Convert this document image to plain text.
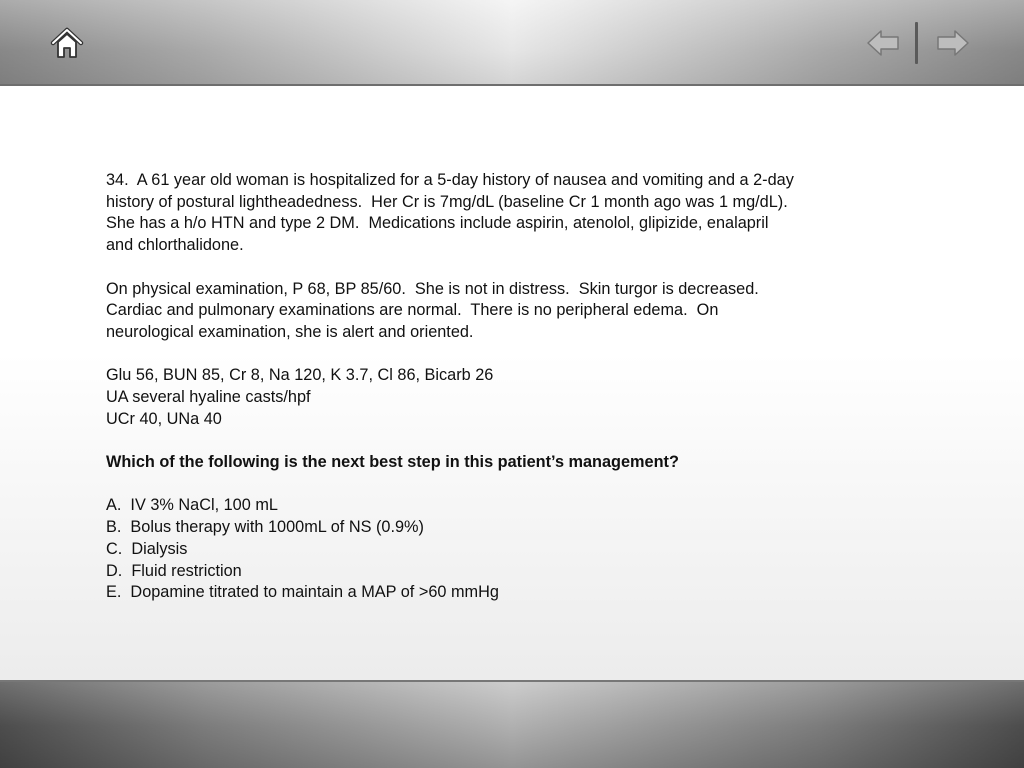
34.  A 61 year old woman is hospitalized for a 5-day history of nausea and vomiting and a 2-day
history of postural lightheadedness.  Her Cr is 7mg/dL (baseline Cr 1 month ago was 1 mg/dL).
She has a h/o HTN and type 2 DM.  Medications include aspirin, atenolol, glipizide, enalapril
and chlorthalidone.

On physical examination, P 68, BP 85/60.  She is not in distress.  Skin turgor is decreased.
Cardiac and pulmonary examinations are normal.  There is no peripheral edema.  On
neurological examination, she is alert and oriented.

Glu 56, BUN 85, Cr 8, Na 120, K 3.7, Cl 86, Bicarb 26
UA several hyaline casts/hpf
UCr 40, UNa 40

Which of the following is the next best step in this patient’s management?

A.  IV 3% NaCl, 100 mL
B.  Bolus therapy with 1000mL of NS (0.9%)
C.  Dialysis
D.  Fluid restriction
E.  Dopamine titrated to maintain a MAP of >60 mmHg
